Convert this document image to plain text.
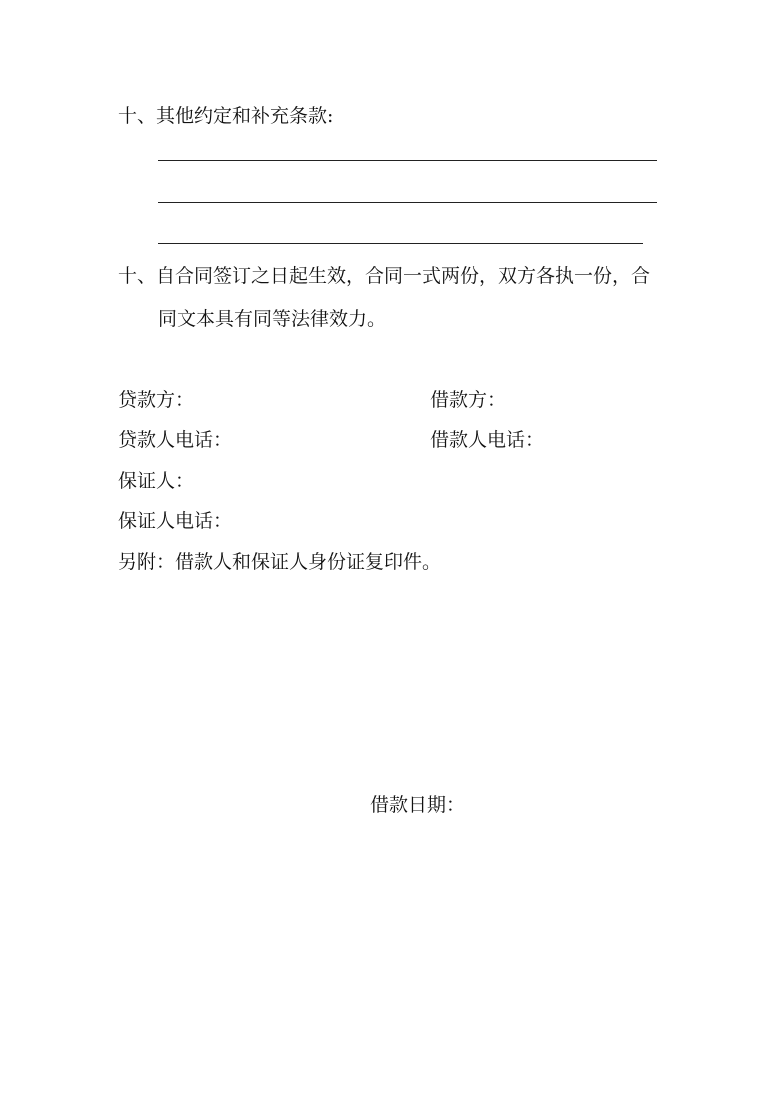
十、其他约定和补充条款:
十、自合同签订之日起生效，合同一式两份，双方各执一份，合
同文本具有同等法律效力。
贷款方：	借款方：
贷款人电话：	借款人电话：
保证人：
保证人电话：
另附：借款人和保证人身份证复印件。
借款日期：
